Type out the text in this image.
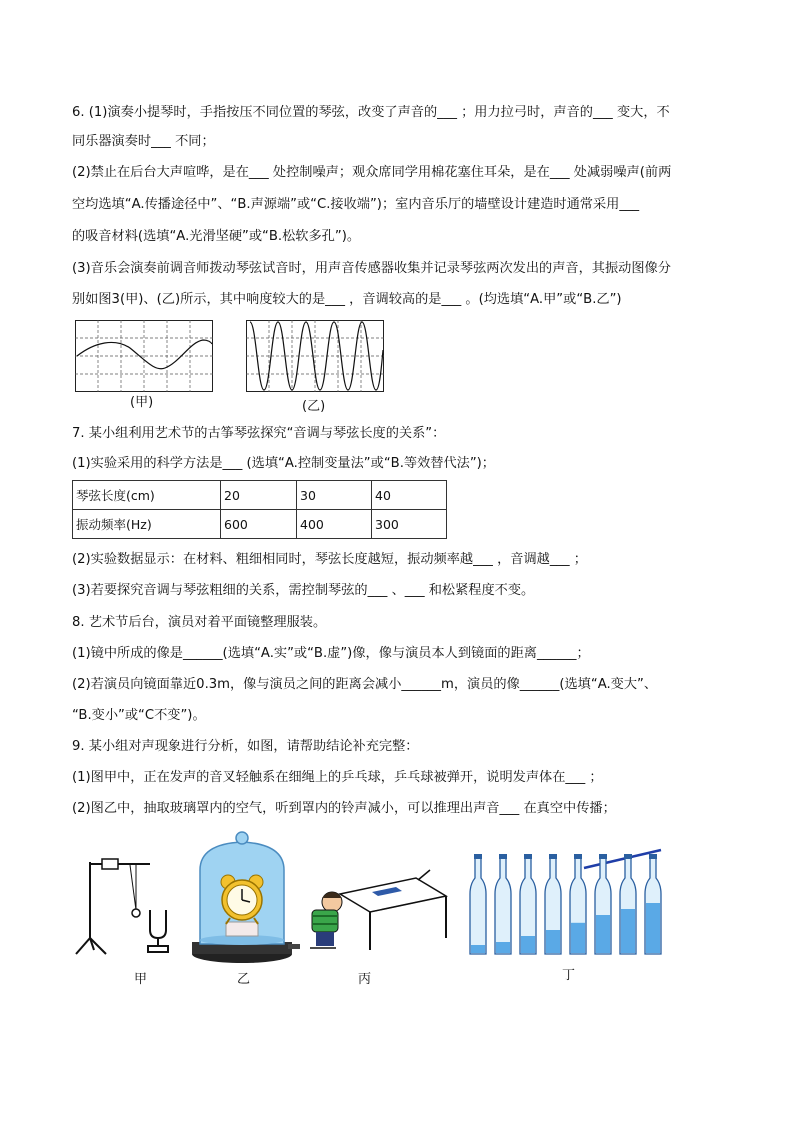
6. (1)演奏小提琴时，手指按压不同位置的琴弦，改变了声音的___ ；用力拉弓时，声音的___ 变大，不
同乐器演奏时___ 不同；
(2)禁止在后台大声喧哗，是在___ 处控制噪声；观众席同学用棉花塞住耳朵，是在___ 处减弱噪声(前两
空均选填“A.传播途径中”、“B.声源端”或“C.接收端”)；室内音乐厅的墙壁设计建造时通常采用___
的吸音材料(选填“A.光滑坚硬”或“B.松软多孔”)。
(3)音乐会演奏前调音师拨动琴弦试音时，用声音传感器收集并记录琴弦两次发出的声音，其振动图像分
别如图3(甲)、(乙)所示，其中响度较大的是___ ，音调较高的是___ 。(均选填“A.甲”或“B.乙”)
(甲)	(乙)
7. 某小组利用艺术节的古筝琴弦探究“音调与琴弦长度的关系”：
(1)实验采用的科学方法是___ (选填“A.控制变量法”或“B.等效替代法”)；
琴弦长度(cm)	20	30	40
振动频率(Hz)	600	400	300
(2)实验数据显示：在材料、粗细相同时，琴弦长度越短，振动频率越___ ，音调越___ ；
(3)若要探究音调与琴弦粗细的关系，需控制琴弦的___ 、___ 和松紧程度不变。
8. 艺术节后台，演员对着平面镜整理服装。
(1)镜中所成的像是______(选填“A.实”或“B.虚”)像，像与演员本人到镜面的距离______；
(2)若演员向镜面靠近0.3m，像与演员之间的距离会减小______m，演员的像______(选填“A.变大”、
“B.变小”或“C不变”)。
9. 某小组对声现象进行分析，如图，请帮助结论补充完整：
(1)图甲中，正在发声的音叉轻触系在细绳上的乒乓球，乒乓球被弹开，说明发声体在___ ；
(2)图乙中，抽取玻璃罩内的空气，听到罩内的铃声减小，可以推理出声音___ 在真空中传播；
甲	乙	丙	丁
